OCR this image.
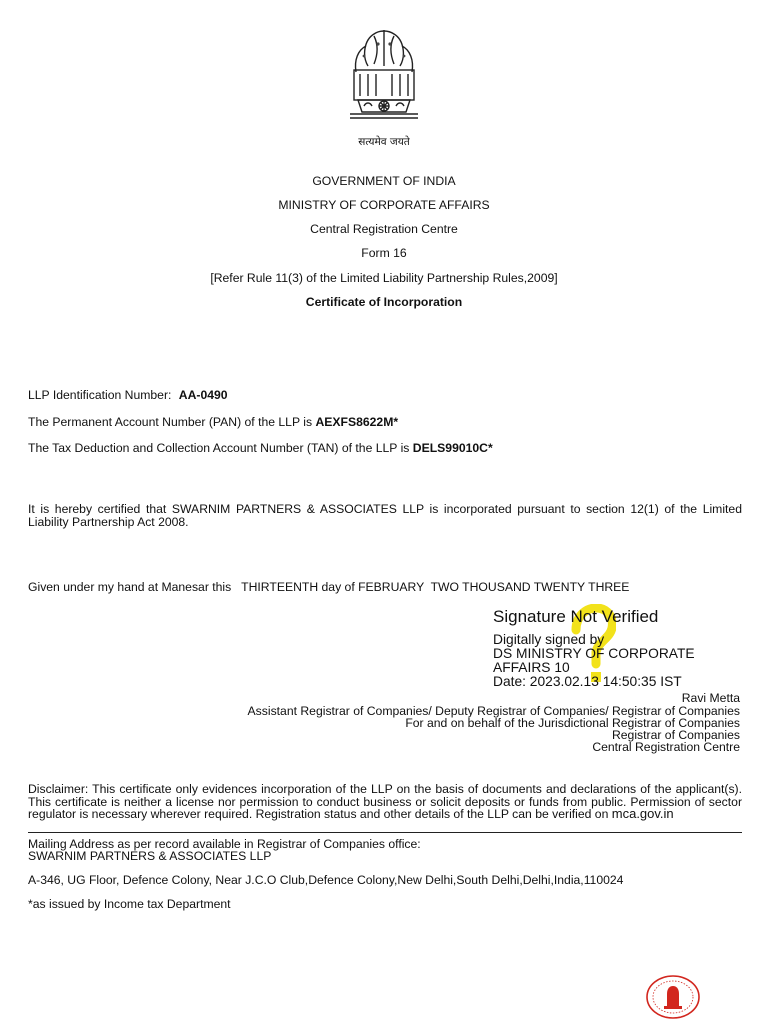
सत्यमेव जयते
GOVERNMENT OF INDIA
MINISTRY OF CORPORATE AFFAIRS
Central Registration Centre
Form 16
[Refer Rule 11(3) of the Limited Liability Partnership Rules,2009]
Certificate of Incorporation
LLP Identification Number: AA-0490
The Permanent Account Number (PAN) of the LLP is AEXFS8622M*
The Tax Deduction and Collection Account Number (TAN) of the LLP is DELS99010C*
It is hereby certified that SWARNIM PARTNERS & ASSOCIATES LLP is incorporated pursuant to section 12(1) of the Limited Liability Partnership Act 2008.
Given under my hand at Manesar this   THIRTEENTH day of FEBRUARY  TWO THOUSAND TWENTY THREE
Signature Not Verified
Digitally signed by
DS MINISTRY OF CORPORATE
AFFAIRS 10
Date: 2023.02.13 14:50:35 IST
Ravi Metta
Assistant Registrar of Companies/ Deputy Registrar of Companies/ Registrar of Companies
For and on behalf of the Jurisdictional Registrar of Companies
Registrar of Companies
Central Registration Centre
Disclaimer: This certificate only evidences incorporation of the LLP on the basis of documents and declarations of the applicant(s). This certificate is neither a license nor permission to conduct business or solicit deposits or funds from public. Permission of sector regulator is necessary wherever required. Registration status and other details of the LLP can be verified on mca.gov.in
Mailing Address as per record available in Registrar of Companies office:
SWARNIM PARTNERS & ASSOCIATES LLP
A-346, UG Floor, Defence Colony, Near J.C.O Club,Defence Colony,New Delhi,South Delhi,Delhi,India,110024
*as issued by Income tax Department
